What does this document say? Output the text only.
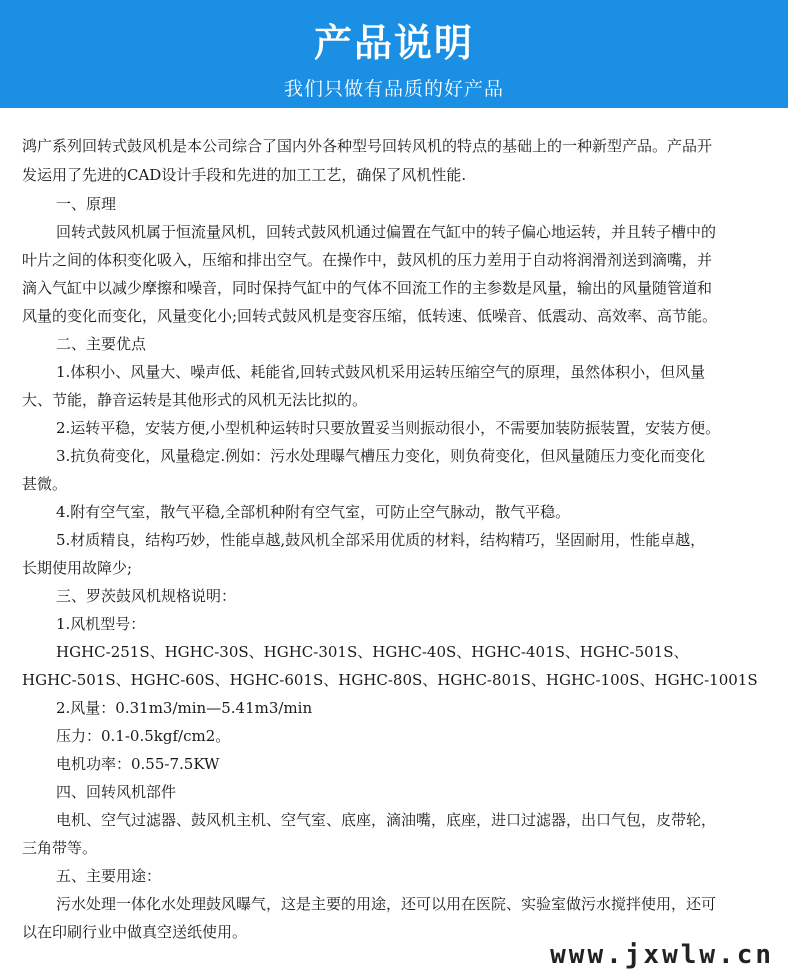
产品说明
我们只做有品质的好产品
鸿广系列回转式鼓风机是本公司综合了国内外各种型号回转风机的特点的基础上的一种新型产品。产品开
发运用了先进的CAD设计手段和先进的加工工艺，确保了风机性能.
一、原理
回转式鼓风机属于恒流量风机，回转式鼓风机通过偏置在气缸中的转子偏心地运转，并且转子槽中的
叶片之间的体积变化吸入，压缩和排出空气。在操作中，鼓风机的压力差用于自动将润滑剂送到滴嘴，并
滴入气缸中以减少摩擦和噪音，同时保持气缸中的气体不回流工作的主参数是风量，输出的风量随管道和
风量的变化而变化，风量变化小;回转式鼓风机是变容压缩，低转速、低噪音、低震动、高效率、高节能。
二、主要优点
1.体积小、风量大、噪声低、耗能省,回转式鼓风机采用运转压缩空气的原理，虽然体积小，但风量
大、节能，静音运转是其他形式的风机无法比拟的。
2.运转平稳，安装方便,小型机种运转时只要放置妥当则振动很小，不需要加装防振装置，安装方便。
3.抗负荷变化，风量稳定.例如：污水处理曝气槽压力变化，则负荷变化，但风量随压力变化而变化
甚微。
4.附有空气室，散气平稳,全部机种附有空气室，可防止空气脉动，散气平稳。
5.材质精良，结构巧妙，性能卓越,鼓风机全部采用优质的材料，结构精巧，坚固耐用，性能卓越，
长期使用故障少;
三、罗茨鼓风机规格说明：
1.风机型号：
HGHC-251S、HGHC-30S、HGHC-301S、HGHC-40S、HGHC-401S、HGHC-501S、
HGHC-501S、HGHC-60S、HGHC-601S、HGHC-80S、HGHC-801S、HGHC-100S、HGHC-1001S
2.风量：0.31m3/min—5.41m3/min
压力：0.1-0.5kgf/cm2。
电机功率：0.55-7.5KW
四、回转风机部件
电机、空气过滤器、鼓风机主机、空气室、底座，滴油嘴，底座，进口过滤器，出口气包，皮带轮，
三角带等。
五、主要用途：
污水处理一体化水处理鼓风曝气，这是主要的用途，还可以用在医院、实验室做污水搅拌使用，还可
以在印刷行业中做真空送纸使用。
www.jxwlw.cn
